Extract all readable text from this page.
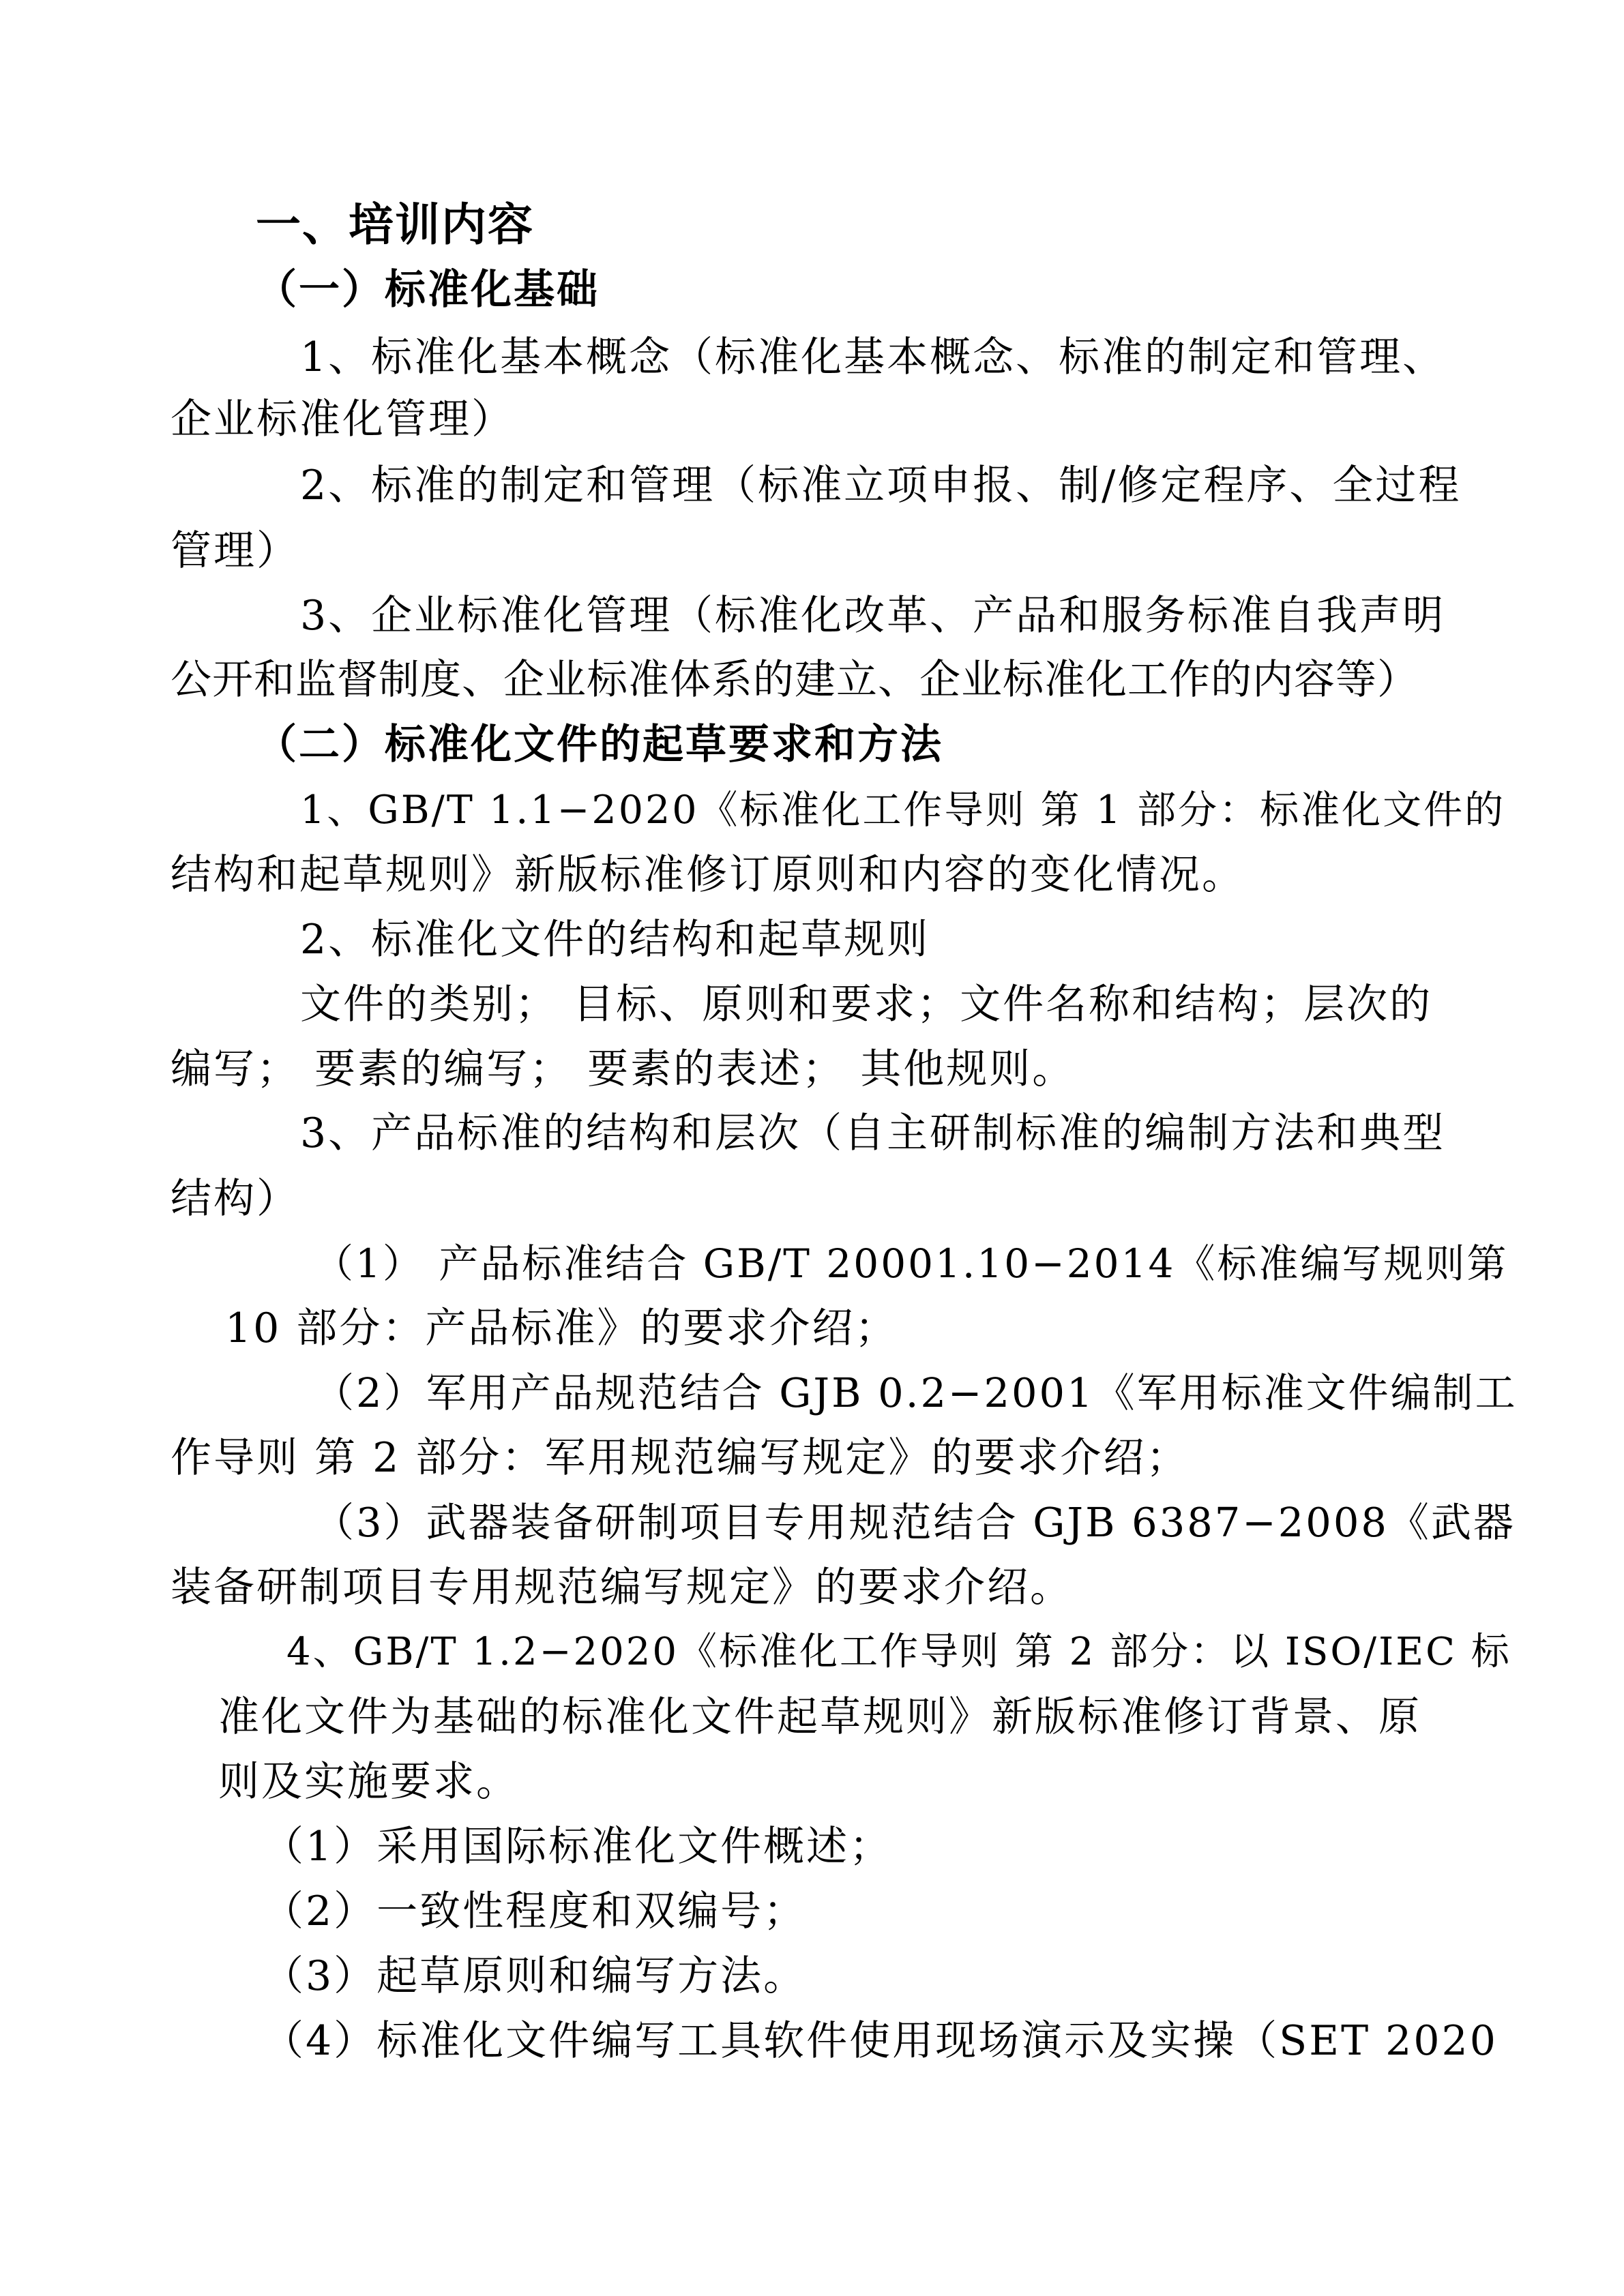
一、培训内容
（一）标准化基础
1、标准化基本概念（标准化基本概念、标准的制定和管理、
企业标准化管理）
2、标准的制定和管理（标准立项申报、制/修定程序、全过程
管理）
3、企业标准化管理（标准化改革、产品和服务标准自我声明
公开和监督制度、企业标准体系的建立、企业标准化工作的内容等）
（二）标准化文件的起草要求和方法
1、GB/T 1.1−2020《标准化工作导则 第 1 部分：标准化文件的
结构和起草规则》新版标准修订原则和内容的变化情况。
2、标准化文件的结构和起草规则
文件的类别； 目标、原则和要求；文件名称和结构；层次的
编写； 要素的编写； 要素的表述； 其他规则。
3、产品标准的结构和层次（自主研制标准的编制方法和典型
结构）
（1） 产品标准结合 GB/T 20001.10−2014《标准编写规则第
10 部分：产品标准》的要求介绍；
（2）军用产品规范结合 GJB 0.2−2001《军用标准文件编制工
作导则 第 2 部分：军用规范编写规定》的要求介绍；
（3）武器装备研制项目专用规范结合 GJB 6387−2008《武器
装备研制项目专用规范编写规定》的要求介绍。
4、GB/T 1.2−2020《标准化工作导则 第 2 部分：以 ISO/IEC 标
准化文件为基础的标准化文件起草规则》新版标准修订背景、原
则及实施要求。
（1）采用国际标准化文件概述；
（2）一致性程度和双编号；
（3）起草原则和编写方法。
（4）标准化文件编写工具软件使用现场演示及实操（SET 2020
